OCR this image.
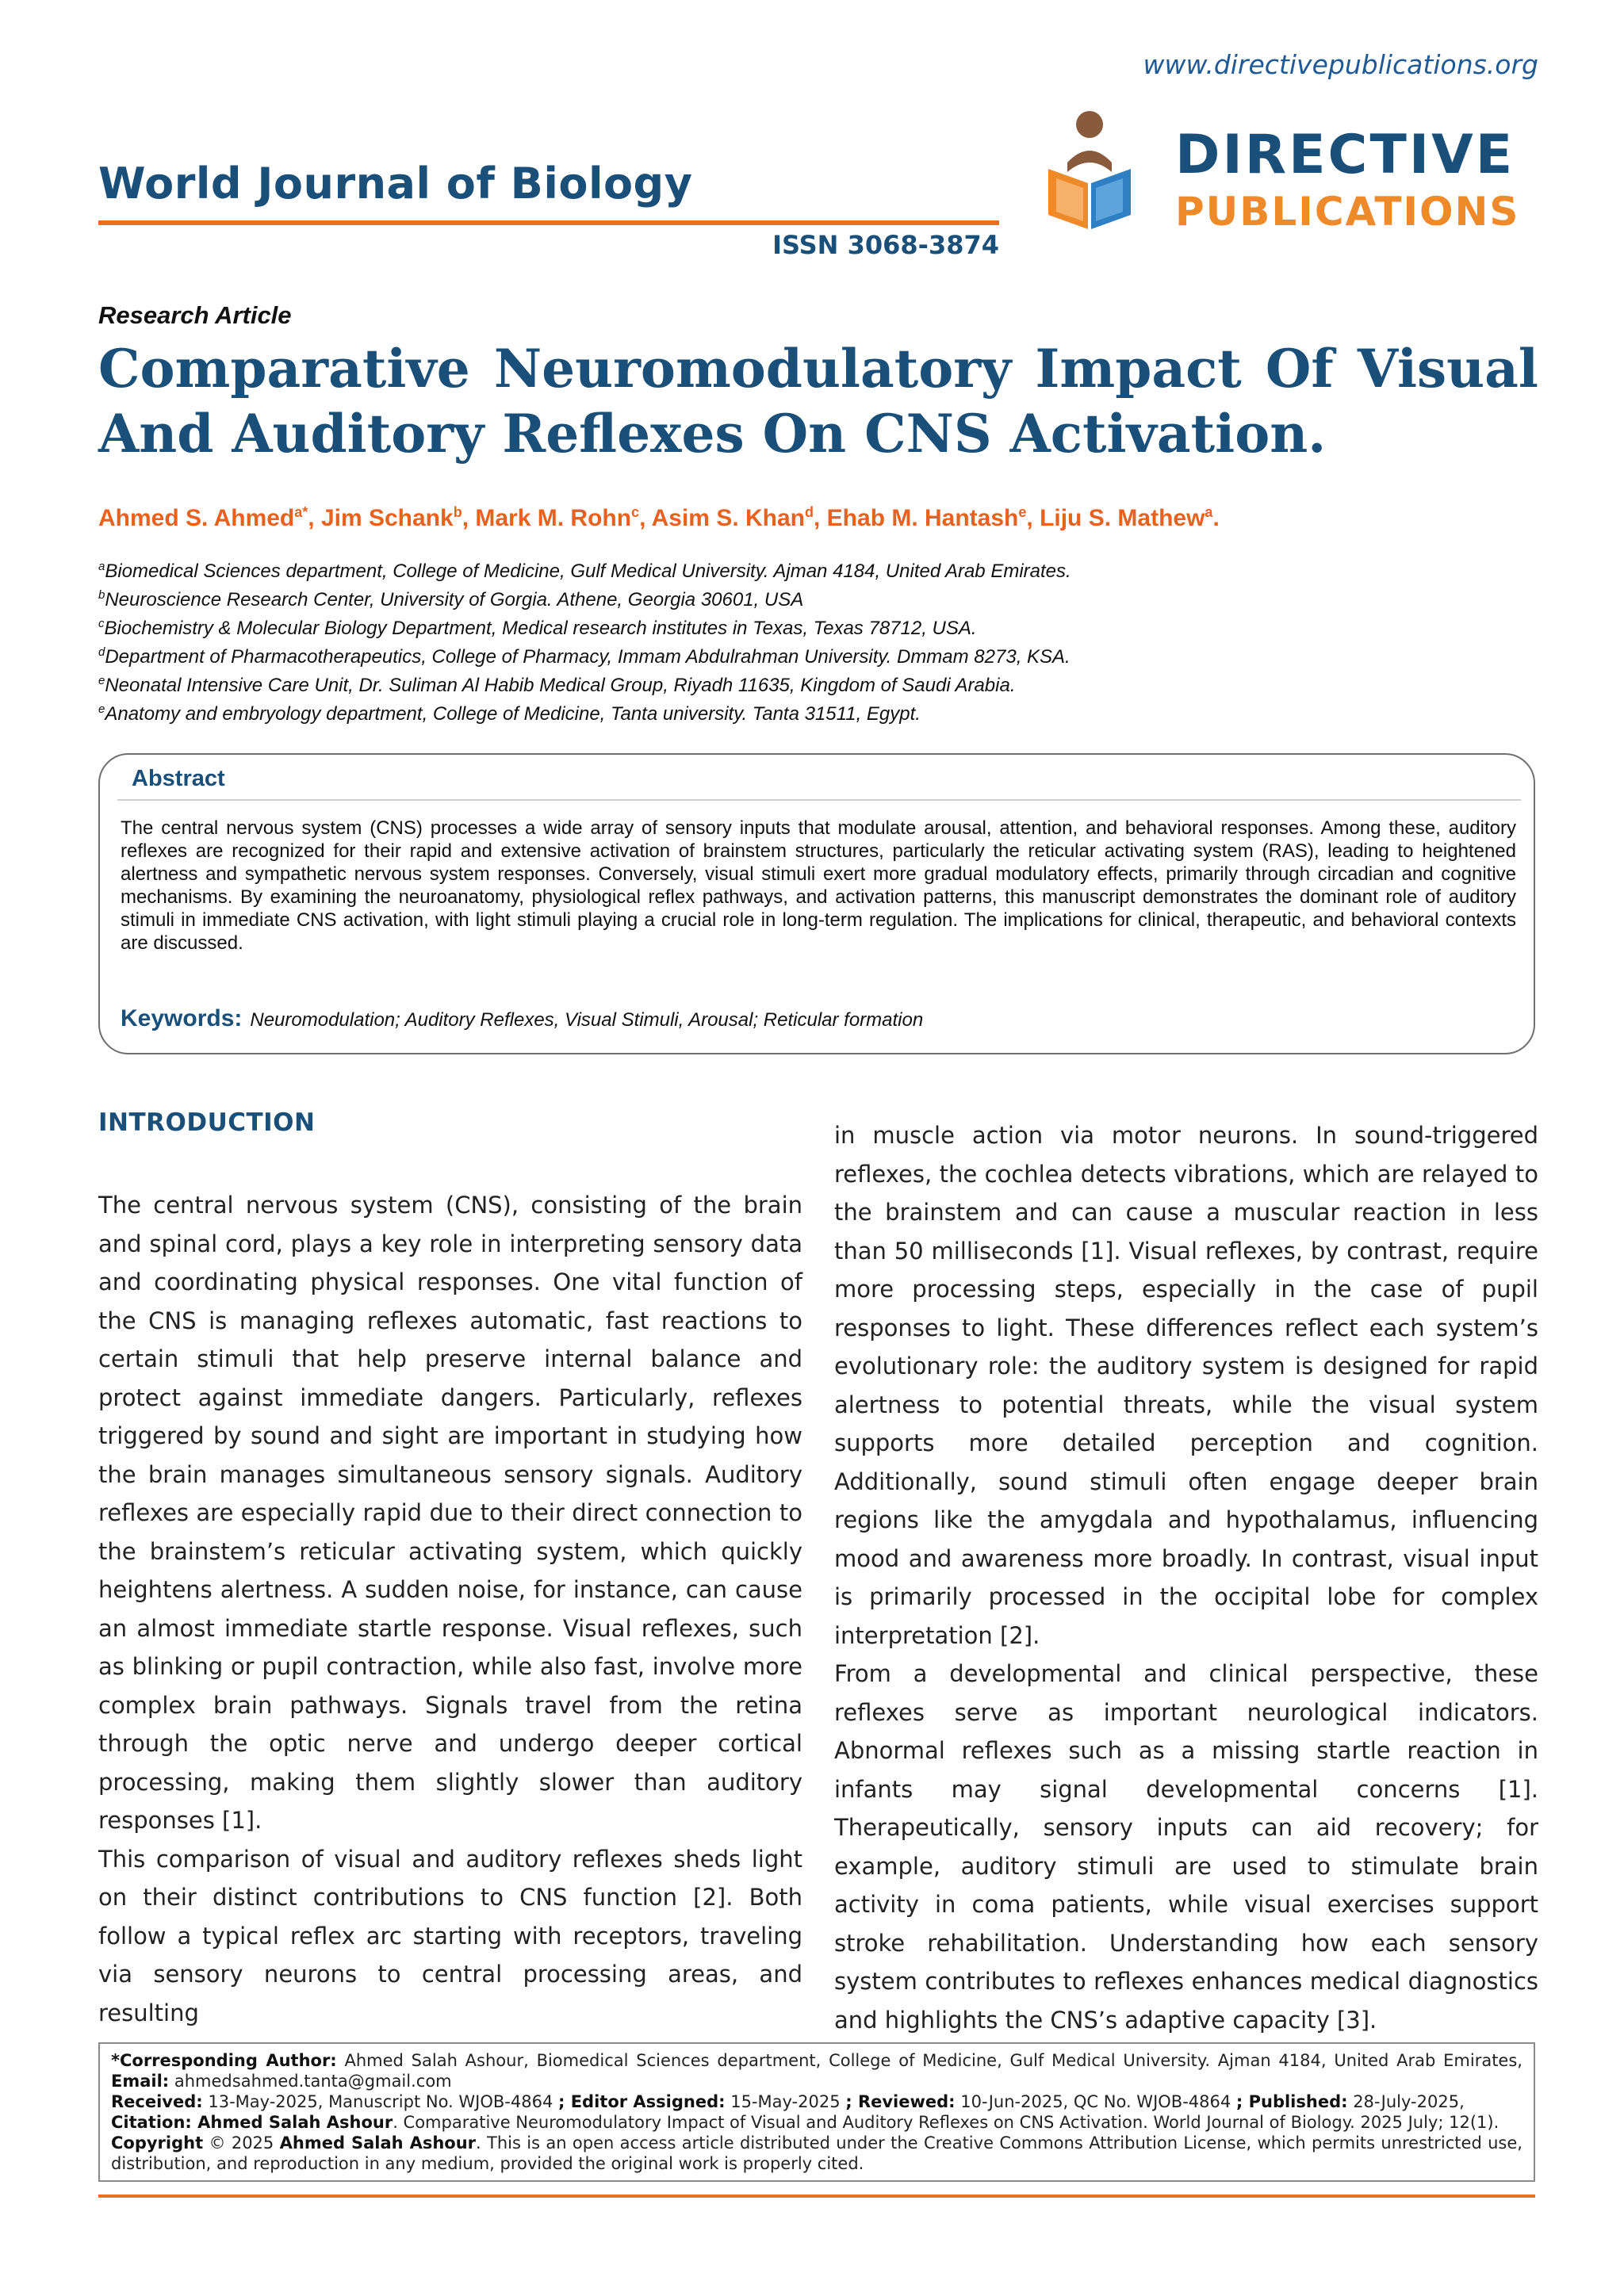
www.directivepublications.org
World Journal of Biology
ISSN 3068-3874
DIRECTIVE
PUBLICATIONS
Research Article
Comparative Neuromodulatory Impact Of Visual And Auditory Reflexes On CNS Activation.
Ahmed S. Ahmed$^{a*}$, Jim Schank$^b$, Mark M. Rohn$^c$, Asim S. Khan$^d$, Ehab M. Hantash$^e$, Liju S. Mathew$^a$.
$^a$Biomedical Sciences department, College of Medicine, Gulf Medical University. Ajman 4184, United Arab Emirates.
$^b$Neuroscience Research Center, University of Gorgia. Athene, Georgia 30601, USA
$^c$Biochemistry & Molecular Biology Department, Medical research institutes in Texas, Texas 78712, USA.
$^d$Department of Pharmacotherapeutics, College of Pharmacy, Immam Abdulrahman University. Dmmam 8273, KSA.
$^e$Neonatal Intensive Care Unit, Dr. Suliman Al Habib Medical Group, Riyadh 11635, Kingdom of Saudi Arabia.
$^e$Anatomy and embryology department, College of Medicine, Tanta university. Tanta 31511, Egypt.
Abstract

The central nervous system (CNS) processes a wide array of sensory inputs that modulate arousal, attention, and behavioral responses. Among these, auditory reflexes are recognized for their rapid and extensive activation of brainstem structures, particularly the reticular activating system (RAS), leading to heightened alertness and sympathetic nervous system responses. Conversely, visual stimuli exert more gradual modulatory effects, primarily through circadian and cognitive mechanisms. By examining the neuroanatomy, physiological reflex pathways, and activation patterns, this manuscript demonstrates the dominant role of auditory stimuli in immediate CNS activation, with light stimuli playing a crucial role in long-term regulation. The implications for clinical, therapeutic, and behavioral contexts are discussed.

Keywords: Neuromodulation; Auditory Reflexes, Visual Stimuli, Arousal; Reticular formation
INTRODUCTION

The central nervous system (CNS), consisting of the brain and spinal cord, plays a key role in interpreting sensory data and coordinating physical responses. One vital function of the CNS is managing reflexes automatic, fast reactions to certain stimuli that help preserve internal balance and protect against immediate dangers. Particularly, reflexes triggered by sound and sight are important in studying how the brain manages simultaneous sensory signals. Auditory reflexes are especially rapid due to their direct connection to the brainstem’s reticular activating system, which quickly heightens alertness. A sudden noise, for instance, can cause an almost immediate startle response. Visual reflexes, such as blinking or pupil contraction, while also fast, involve more complex brain pathways. Signals travel from the retina through the optic nerve and undergo deeper cortical processing, making them slightly slower than auditory responses [1].

This comparison of visual and auditory reflexes sheds light on their distinct contributions to CNS function [2]. Both follow a typical reflex arc starting with receptors, traveling via sensory neurons to central processing areas, and resulting

in muscle action via motor neurons. In sound-triggered reflexes, the cochlea detects vibrations, which are relayed to the brainstem and can cause a muscular reaction in less than 50 milliseconds [1]. Visual reflexes, by contrast, require more processing steps, especially in the case of pupil responses to light. These differences reflect each system’s evolutionary role: the auditory system is designed for rapid alertness to potential threats, while the visual system supports more detailed perception and cognition. Additionally, sound stimuli often engage deeper brain regions like the amygdala and hypothalamus, influencing mood and awareness more broadly. In contrast, visual input is primarily processed in the occipital lobe for complex interpretation [2].

From a developmental and clinical perspective, these reflexes serve as important neurological indicators. Abnormal reflexes such as a missing startle reaction in infants may signal developmental concerns [1]. Therapeutically, sensory inputs can aid recovery; for example, auditory stimuli are used to stimulate brain activity in coma patients, while visual exercises support stroke rehabilitation. Understanding how each sensory system contributes to reflexes enhances medical diagnostics and highlights the CNS’s adaptive capacity [3].

*Corresponding Author: Ahmed Salah Ashour, Biomedical Sciences department, College of Medicine, Gulf Medical University. Ajman 4184, United Arab Emirates, Email: ahmedsahmed.tanta@gmail.com

Received: 13-May-2025, Manuscript No. WJOB-4864 ; Editor Assigned: 15-May-2025 ; Reviewed: 10-Jun-2025, QC No. WJOB-4864 ; Published: 28-July-2025,

Citation: Ahmed Salah Ashour. Comparative Neuromodulatory Impact of Visual and Auditory Reflexes on CNS Activation. World Journal of Biology. 2025 July; 12(1).

Copyright © 2025 Ahmed Salah Ashour. This is an open access article distributed under the Creative Commons Attribution License, which permits unrestricted use, distribution, and reproduction in any medium, provided the original work is properly cited.
